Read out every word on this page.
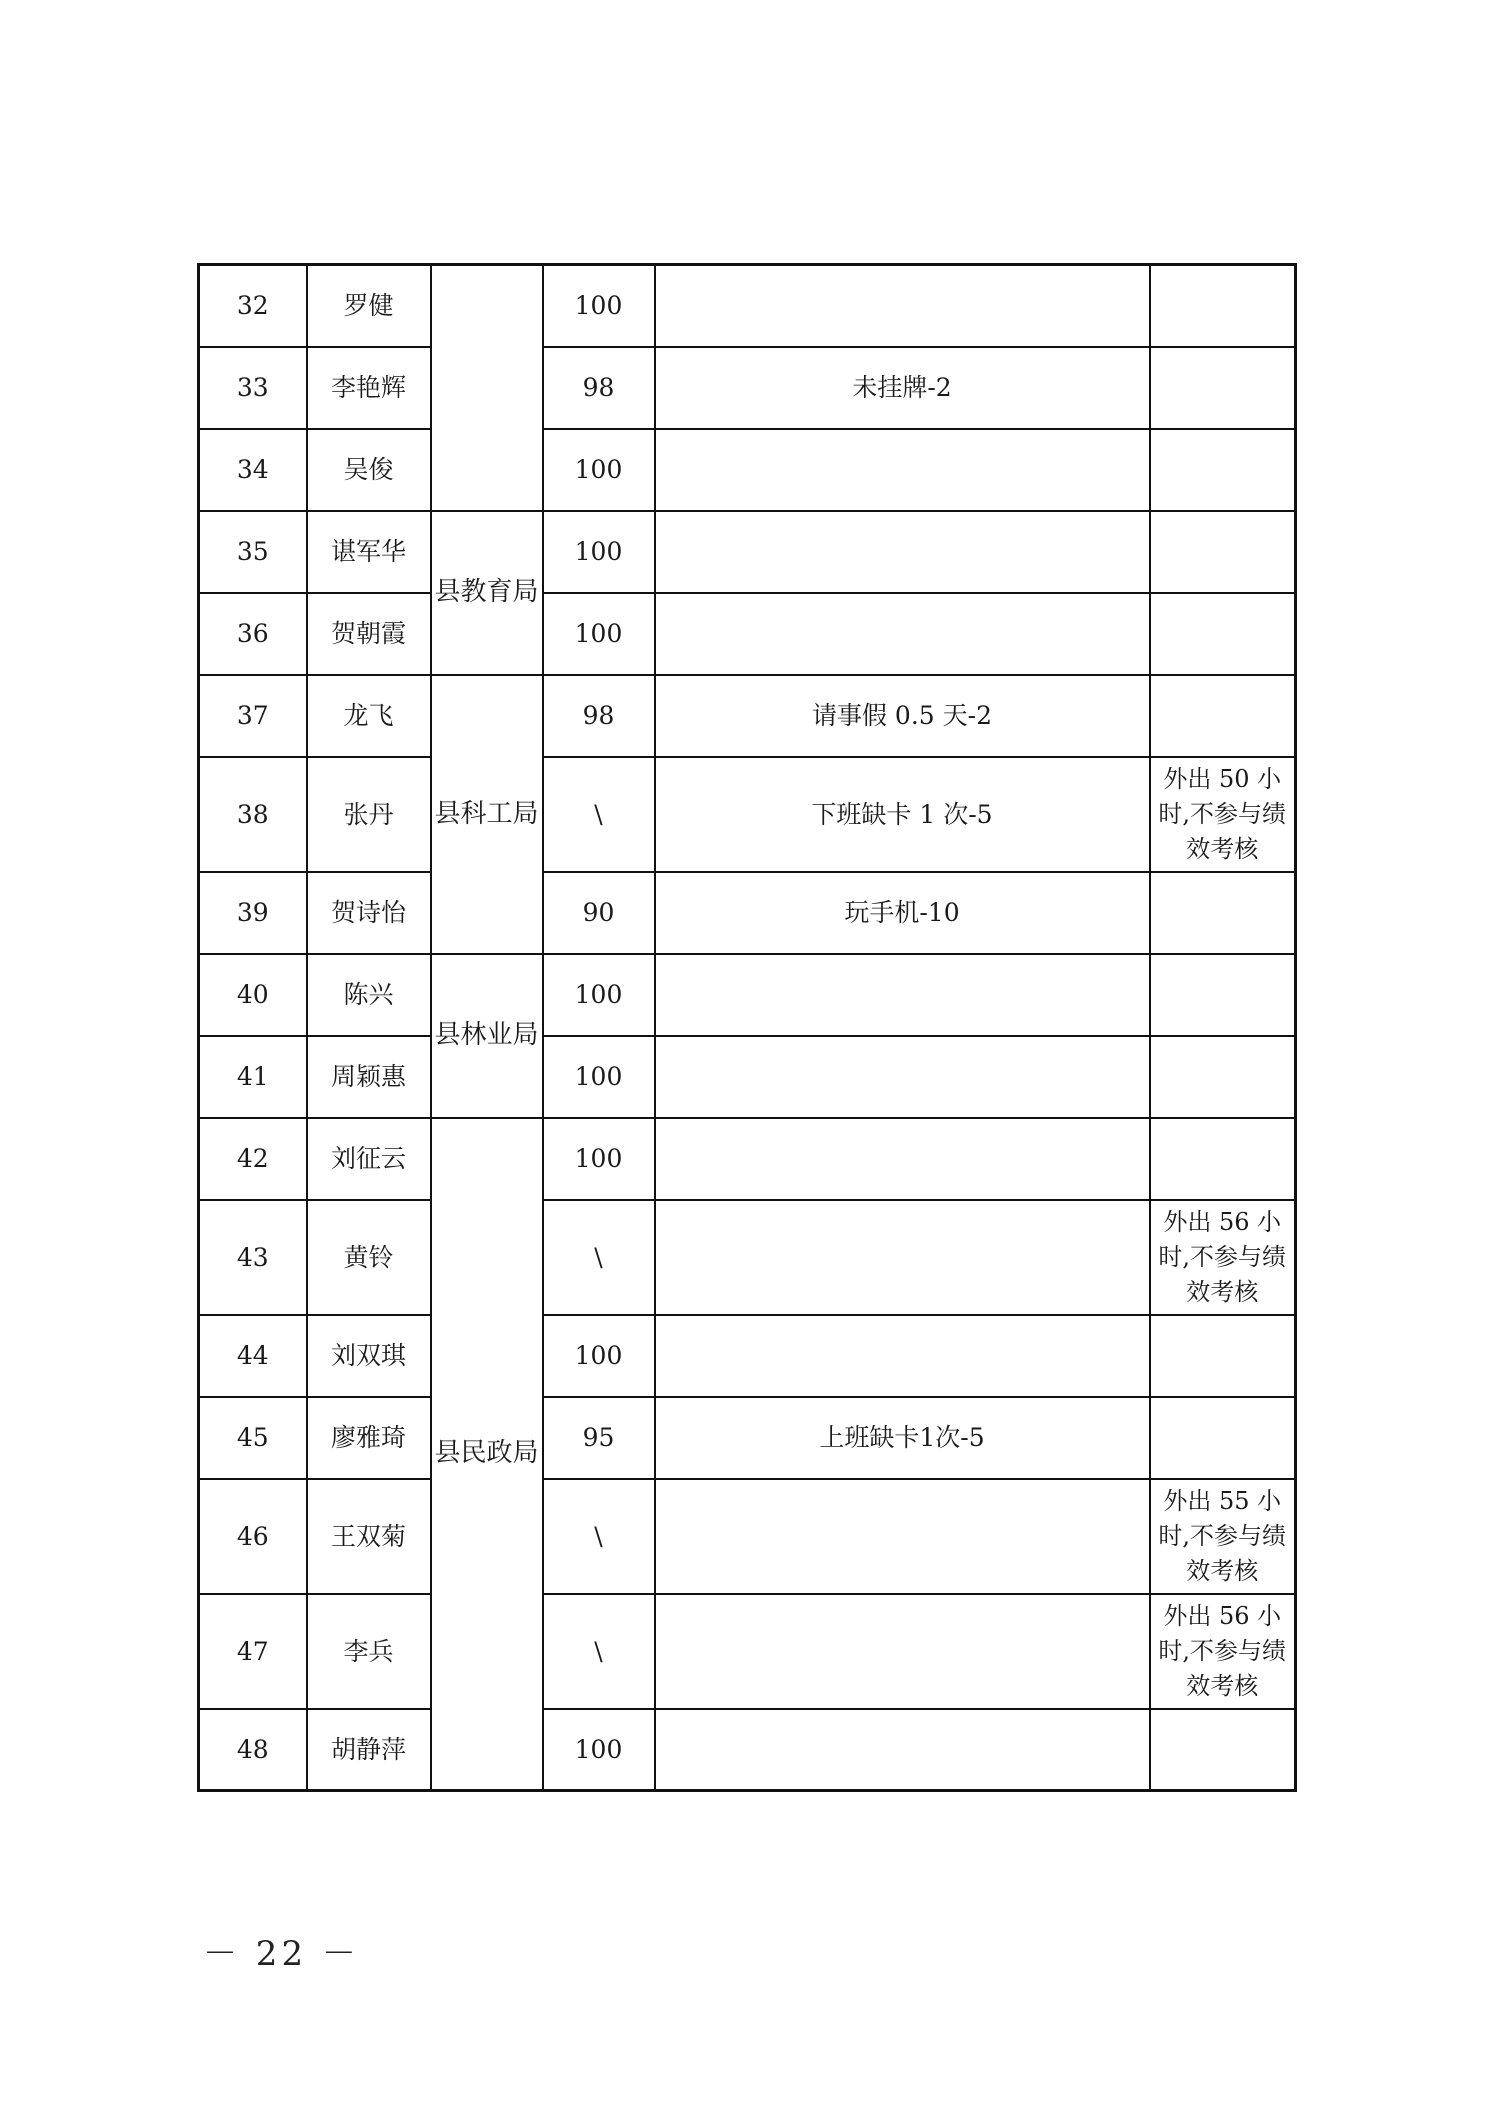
32	罗健		100		
33	李艳辉		98	未挂牌-2	
34	吴俊		100		
35	谌军华	县教育局	100		
36	贺朝霞		100		
37	龙飞	县科工局	98	请事假 0.5 天-2	
38	张丹		\	下班缺卡 1 次-5	外出 50 小时,不参与绩效考核
39	贺诗怡		90	玩手机-10	
40	陈兴	县林业局	100		
41	周颖惠		100		
42	刘征云	县民政局	100		
43	黄铃		\		外出 56 小时,不参与绩效考核
44	刘双琪		100		
45	廖雅琦		95	上班缺卡1次-5	
46	王双菊		\		外出 55 小时,不参与绩效考核
47	李兵		\		外出 56 小时,不参与绩效考核
48	胡静萍		100		
－ 22 －
